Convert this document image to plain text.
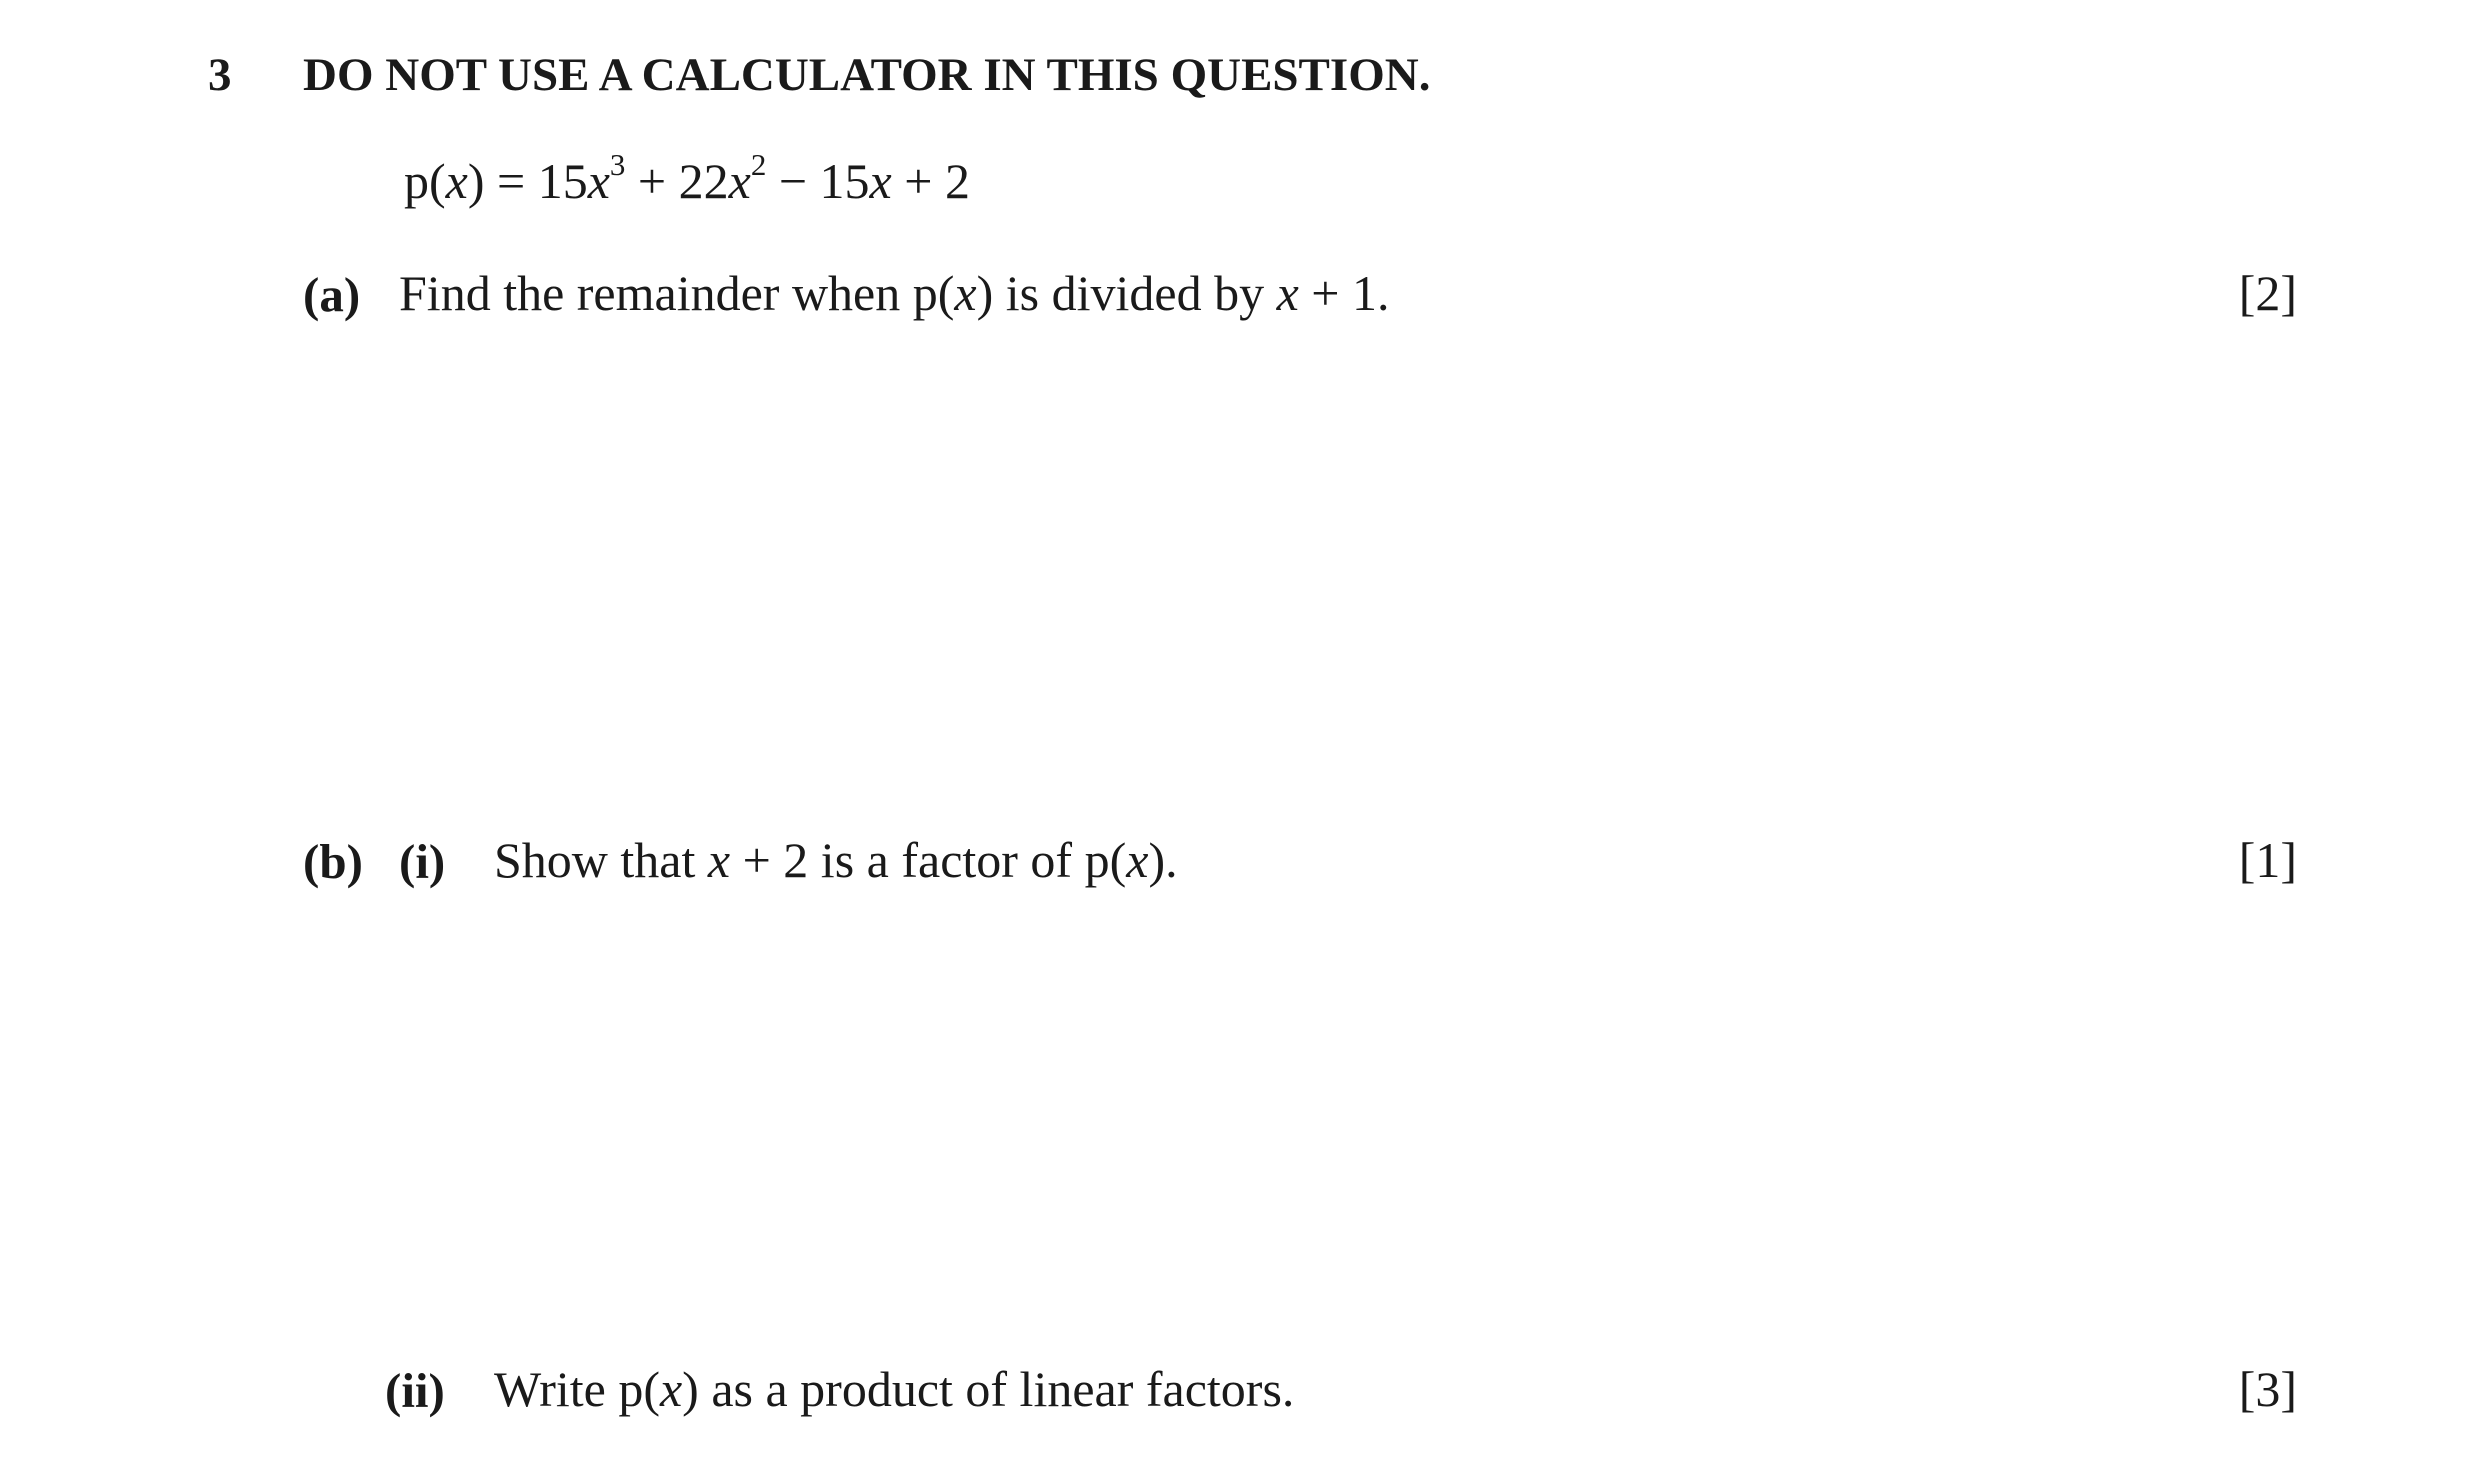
3 DO NOT USE A CALCULATOR IN THIS QUESTION.
$p(x) = 15x^3 + 22x^2 - 15x + 2$
(a) Find the remainder when p(x) is divided by x + 1.	[2]
(b) (i) Show that x + 2 is a factor of p(x).	[1]
(ii) Write p(x) as a product of linear factors.	[3]
